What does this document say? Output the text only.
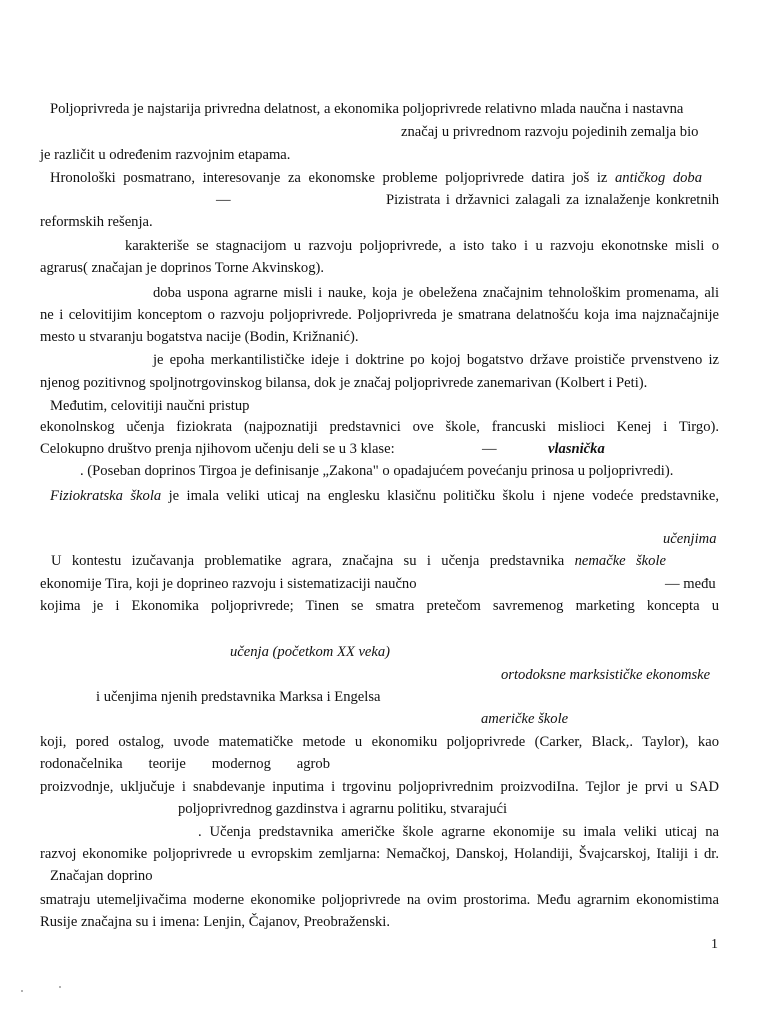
Poljoprivreda je najstarija privredna delatnost, a ekonomika poljoprivrede relativno mlada naučna i nastavna

značaj u privrednom razvoju pojedinih zemalja bio

je različit u određenim razvojnim etapama.

Hronološki posmatrano, interesovanje za ekonomske probleme poljoprivrede datira još iz antičkog doba

—	Pizistrata i državnici zalagali za iznalaženje konkretnih

reformskih rešenja.

karakteriše se stagnacijom u razvoju poljoprivrede, a isto tako i u razvoju ekonotnske misli o

agrarus( značajan je doprinos Torne Akvinskog).

doba uspona agrarne misli i nauke, koja je obeležena značajnim tehnološkim promenama, ali

ne i celovitijim konceptom o razvoju poljoprivrede. Poljoprivreda je smatrana delatnošću koja ima najznačajnije

mesto u stvaranju bogatstva nacije (Bodin, Križnanić).

je epoha merkantilističke ideje i doktrine po kojoj bogatstvo države proističe prvenstveno iz

njenog pozitivnog spoljnotrgovinskog bilansa, dok je značaj poljoprivrede zanemarivan (Kolbert i Peti).

Međutim, celovitiji naučni pristup

ekonolnskog učenja fiziokrata (najpoznatiji predstavnici ove škole, francuski mislioci Kenej i Tirgo).

Celokupno društvo prenja njihovom učenju deli se u 3 klase:	—	vlasnička

. (Poseban doprinos Tirgoa je definisanje „Zakona" o opadajućem povećanju prinosa u poljoprivredi).

Fiziokratska škola je imala veliki uticaj na englesku klasičnu političku školu i njene vodeće predstavnike,

učenjima

U kontestu izučavanja problematike agrara, značajna su i učenja predstavnika nemačke škole

ekonomije Tira, koji je doprineo razvoju i sistematizaciji naučno	— među

kojima je i Ekonomika poljoprivrede; Tinen se smatra pretečom savremenog marketing koncepta u

učenja (početkom XX veka)

ortodoksne marksističke ekonomske

i učenjima njenih predstavnika Marksa i Engelsa

američke škole

koji, pored ostalog, uvode matematičke metode u ekonomiku poljoprivrede (Carker, Black,. Taylor), kao

rodonačelnika teorije modernog agrob

proizvodnje, uključuje i snabdevanje inputima i trgovinu poljoprivrednim proizvodiIna. Tejlor je prvi u SAD

poljoprivrednog gazdinstva i agrarnu politiku, stvarajući

. Učenja predstavnika američke škole agrarne ekonomije su imala veliki uticaj na

razvoj ekonomike poljoprivrede u evropskim zemljarna: Nemačkoj, Danskoj, Holandiji, Švajcarskoj, Italiji i dr.

Značajan doprino

smatraju utemeljivačima moderne ekonomike poljoprivrede na ovim prostorima. Među agrarnim ekonomistima

Rusije značajna su i imena: Lenjin, Čajanov, Preobraženski.

1
